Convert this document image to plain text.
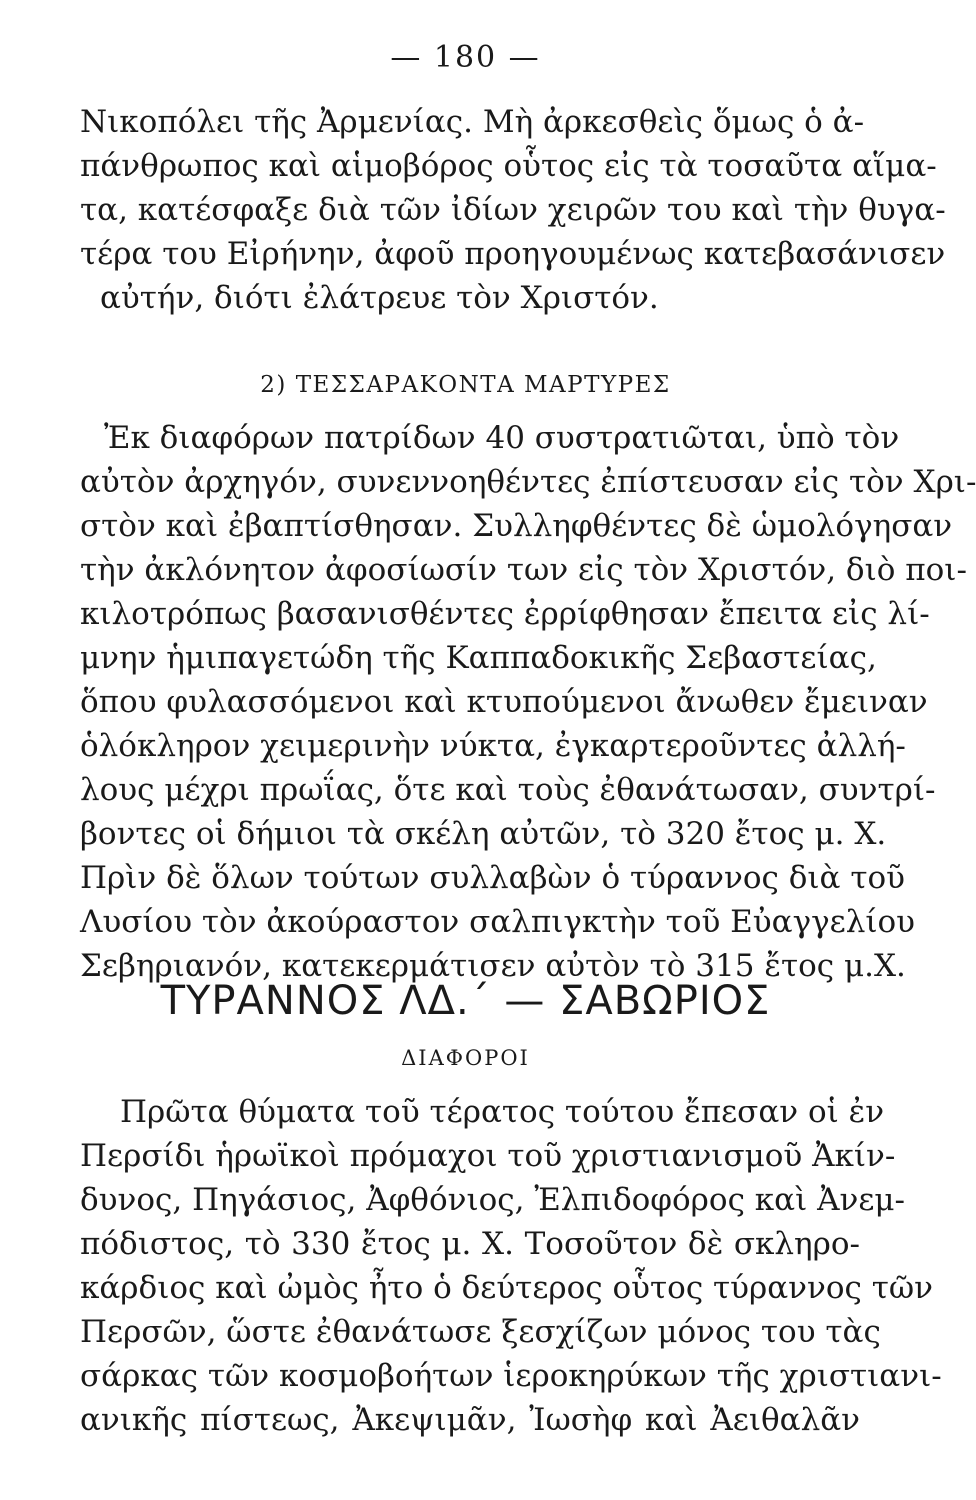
— 180 —
Νικοπόλει τῆς Ἀρμενίας. Μὴ ἀρκεσθεὶς ὅμως ὁ ἀ-
πάνθρωπος καὶ αἱμοβόρος οὗτος εἰς τὰ τοσαῦτα αἵμα-
τα, κατέσφαξε διὰ τῶν ἰδίων χειρῶν του καὶ τὴν θυγα-
τέρα του Εἰρήνην, ἀφοῦ προηγουμένως κατεβασάνισεν
αὐτήν, διότι ἐλάτρευε τὸν Χριστόν.
2) ΤΕΣΣΑΡΑΚΟΝΤΑ ΜΑΡΤΥΡΕΣ
Ἐκ διαφόρων πατρίδων 40 συστρατιῶται, ὑπὸ τὸν
αὐτὸν ἀρχηγόν, συνεννοηθέντες ἐπίστευσαν εἰς τὸν Χρι-
στὸν καὶ ἐβαπτίσθησαν. Συλληφθέντες δὲ ὡμολόγησαν
τὴν ἀκλόνητον ἀφοσίωσίν των εἰς τὸν Χριστόν, διὸ ποι-
κιλοτρόπως βασανισθέντες ἐρρίφθησαν ἔπειτα εἰς λί-
μνην ἡμιπαγετώδη τῆς Καππαδοκικῆς Σεβαστείας,
ὅπου φυλασσόμενοι καὶ κτυπούμενοι ἄνωθεν ἔμειναν
ὁλόκληρον χειμερινὴν νύκτα, ἐγκαρτεροῦντες ἀλλή-
λους μέχρι πρωΐας, ὅτε καὶ τοὺς ἐθανάτωσαν, συντρί-
βοντες οἱ δήμιοι τὰ σκέλη αὐτῶν, τὸ 320 ἔτος μ. Χ.
Πρὶν δὲ ὅλων τούτων συλλαβὼν ὁ τύραννος διὰ τοῦ
Λυσίου τὸν ἀκούραστον σαλπιγκτὴν τοῦ Εὐαγγελίου
Σεβηριανόν, κατεκερμάτισεν αὐτὸν τὸ 315 ἔτος μ.Χ.
ΤΥΡΑΝΝΟΣ ΛΔ.΄ — ΣΑΒΩΡΙΟΣ
ΔΙΑΦΟΡΟΙ
Πρῶτα θύματα τοῦ τέρατος τούτου ἔπεσαν οἱ ἐν
Περσίδι ἡρωϊκοὶ πρόμαχοι τοῦ χριστιανισμοῦ Ἀκίν-
δυνος, Πηγάσιος, Ἀφθόνιος, Ἐλπιδοφόρος καὶ Ἀνεμ-
πόδιστος, τὸ 330 ἔτος μ. Χ. Τοσοῦτον δὲ σκληρο-
κάρδιος καὶ ὠμὸς ἦτο ὁ δεύτερος οὗτος τύραννος τῶν
Περσῶν, ὥστε ἐθανάτωσε ξεσχίζων μόνος του τὰς
σάρκας τῶν κοσμοβοήτων ἱεροκηρύκων τῆς χριστιανι-
ανικῆς πίστεως, Ἀκεψιμᾶν, Ἰωσὴφ καὶ Ἀειθαλᾶν
